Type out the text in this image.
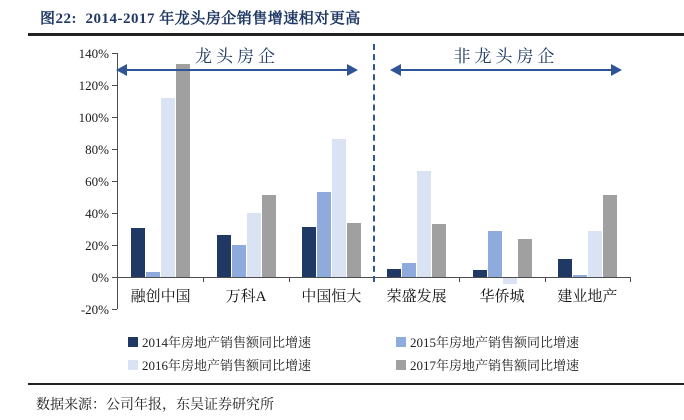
图22:  2014-2017 年龙头房企销售增速相对更高
140%
120%
100%
80%
60%
40%
20%
0%
-20%
融创中国	万科A	中国恒大	荣盛发展	华侨城	建业地产
龙头房企	非龙头房企
2014年房地产销售额同比增速	2015年房地产销售额同比增速
2016年房地产销售额同比增速	2017年房地产销售额同比增速
数据来源：公司年报，东吴证券研究所
